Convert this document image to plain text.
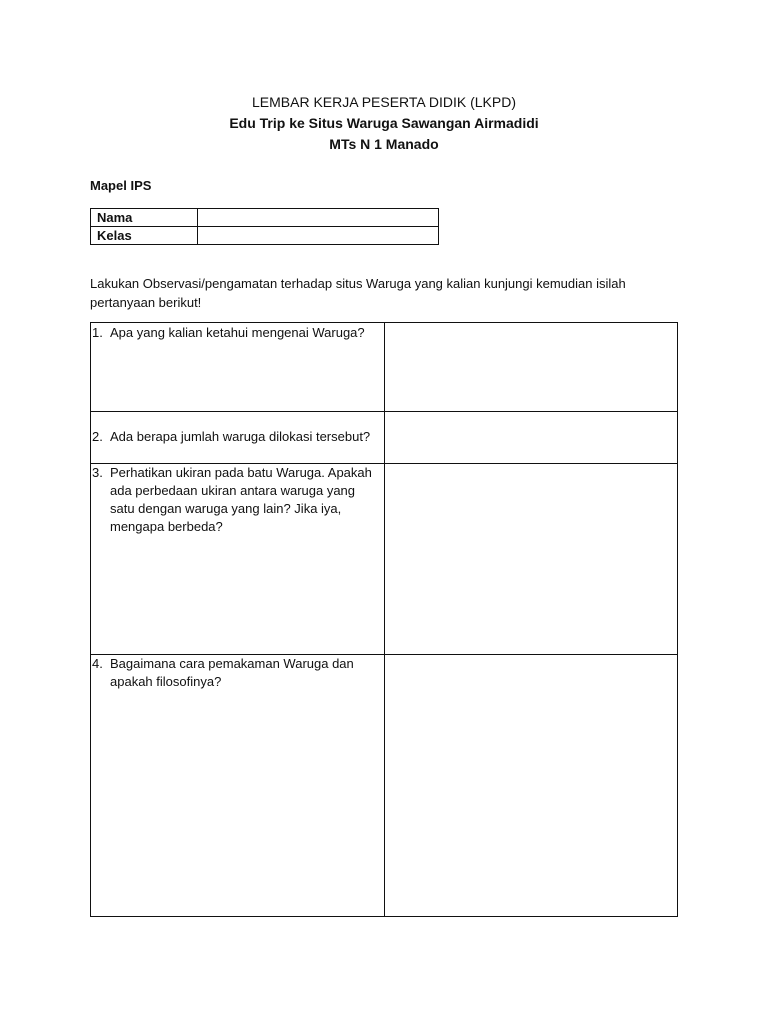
LEMBAR KERJA PESERTA DIDIK (LKPD)
Edu Trip ke Situs Waruga Sawangan Airmadidi
MTs N 1 Manado
Mapel IPS
Nama	
Kelas	
Lakukan Observasi/pengamatan terhadap situs Waruga yang kalian kunjungi kemudian isilah pertanyaan berikut!
1. Apa yang kalian ketahui mengenai Waruga?	

2. Ada berapa jumlah waruga dilokasi tersebut?	

3. Perhatikan ukiran pada batu Waruga. Apakah ada perbedaan ukiran antara waruga yang satu dengan waruga yang lain? Jika iya, mengapa berbeda?	

4. Bagaimana cara pemakaman Waruga dan apakah filosofinya?	
